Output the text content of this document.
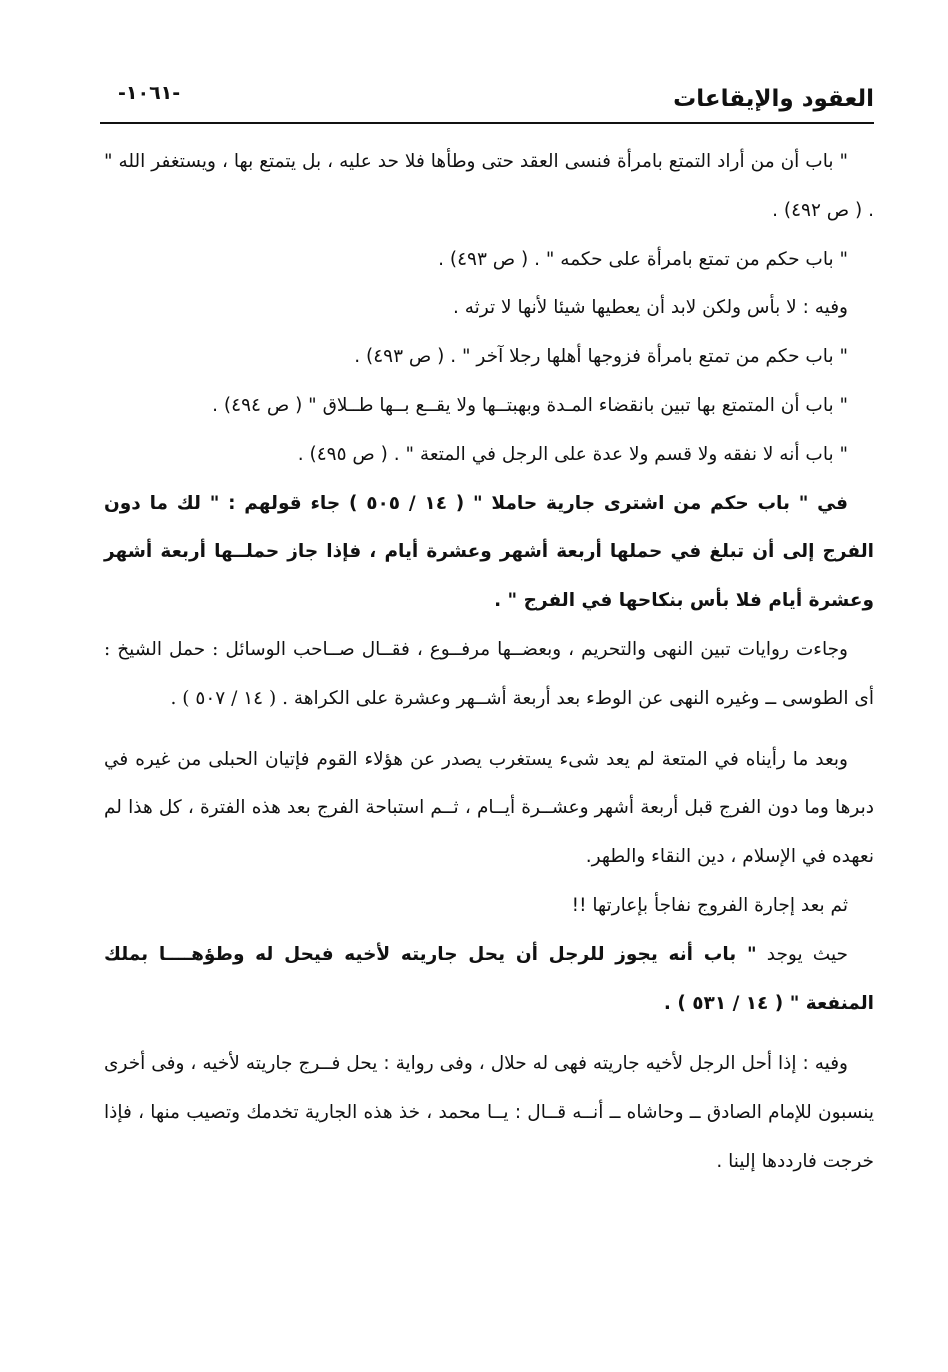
العقود والإيقاعات
-١٠٦١-

" باب أن من أراد التمتع بامرأة فنسى العقد حتى وطأها فلا حد عليه ، بل يتمتع بها ، ويستغفر الله " . ( ص ٤٩٢) .

" باب حكم من تمتع بامرأة على حكمه " . ( ص ٤٩٣) .

وفيه : لا بأس ولكن لابد أن يعطيها شيئا لأنها لا ترثه .

" باب حكم من تمتع بامرأة فزوجها أهلها رجلا آخر " . ( ص ٤٩٣) .

" باب أن المتمتع بها تبين بانقضاء المـدة وبهبتــها ولا يقــع بــها طــلاق " ( ص ٤٩٤) .

" باب أنه لا نفقه ولا قسم ولا عدة على الرجل في المتعة " . ( ص ٤٩٥) .

في " باب حكم من اشترى جارية حاملا " ( ١٤ / ٥٠٥ ) جاء قولهم : " لك ما دون الفرج إلى أن تبلغ في حملها أربعة أشهر وعشرة أيام ، فإذا جاز حملــها أربعة أشهر وعشرة أيام فلا بأس بنكاحها في الفرج " .

وجاءت روايات تبين النهى والتحريم ، وبعضــها مرفــوع ، فقــال صــاحب الوسائل : حمل الشيخ : أى الطوسى ــ وغيره النهى عن الوطء بعد أربعة أشــهر وعشرة على الكراهة . ( ١٤ / ٥٠٧ ) .

وبعد ما رأيناه في المتعة لم يعد شىء يستغرب يصدر عن هؤلاء القوم فإتيان الحبلى من غيره في دبرها وما دون الفرج قبل أربعة أشهر وعشــرة أيــام ، ثــم استباحة الفرج بعد هذه الفترة ، كل هذا لم نعهده في الإسلام ، دين النقاء والطهر.

ثم بعد إجارة الفروج نفاجأ بإعارتها !!

حيث يوجد " باب أنه يجوز للرجل أن يحل جاريته لأخيه فيحل له وطؤهــــا بملك المنفعة " ( ١٤ / ٥٣١ ) .

وفيه : إذا أحل الرجل لأخيه جاريته فهى له حلال ، وفى رواية : يحل فــرج جاريته لأخيه ، وفى أخرى ينسبون للإمام الصادق ــ وحاشاه ــ أنــه قــال : يــا محمد ، خذ هذه الجارية تخدمك وتصيب منها ، فإذا خرجت فارددها إلينا .
